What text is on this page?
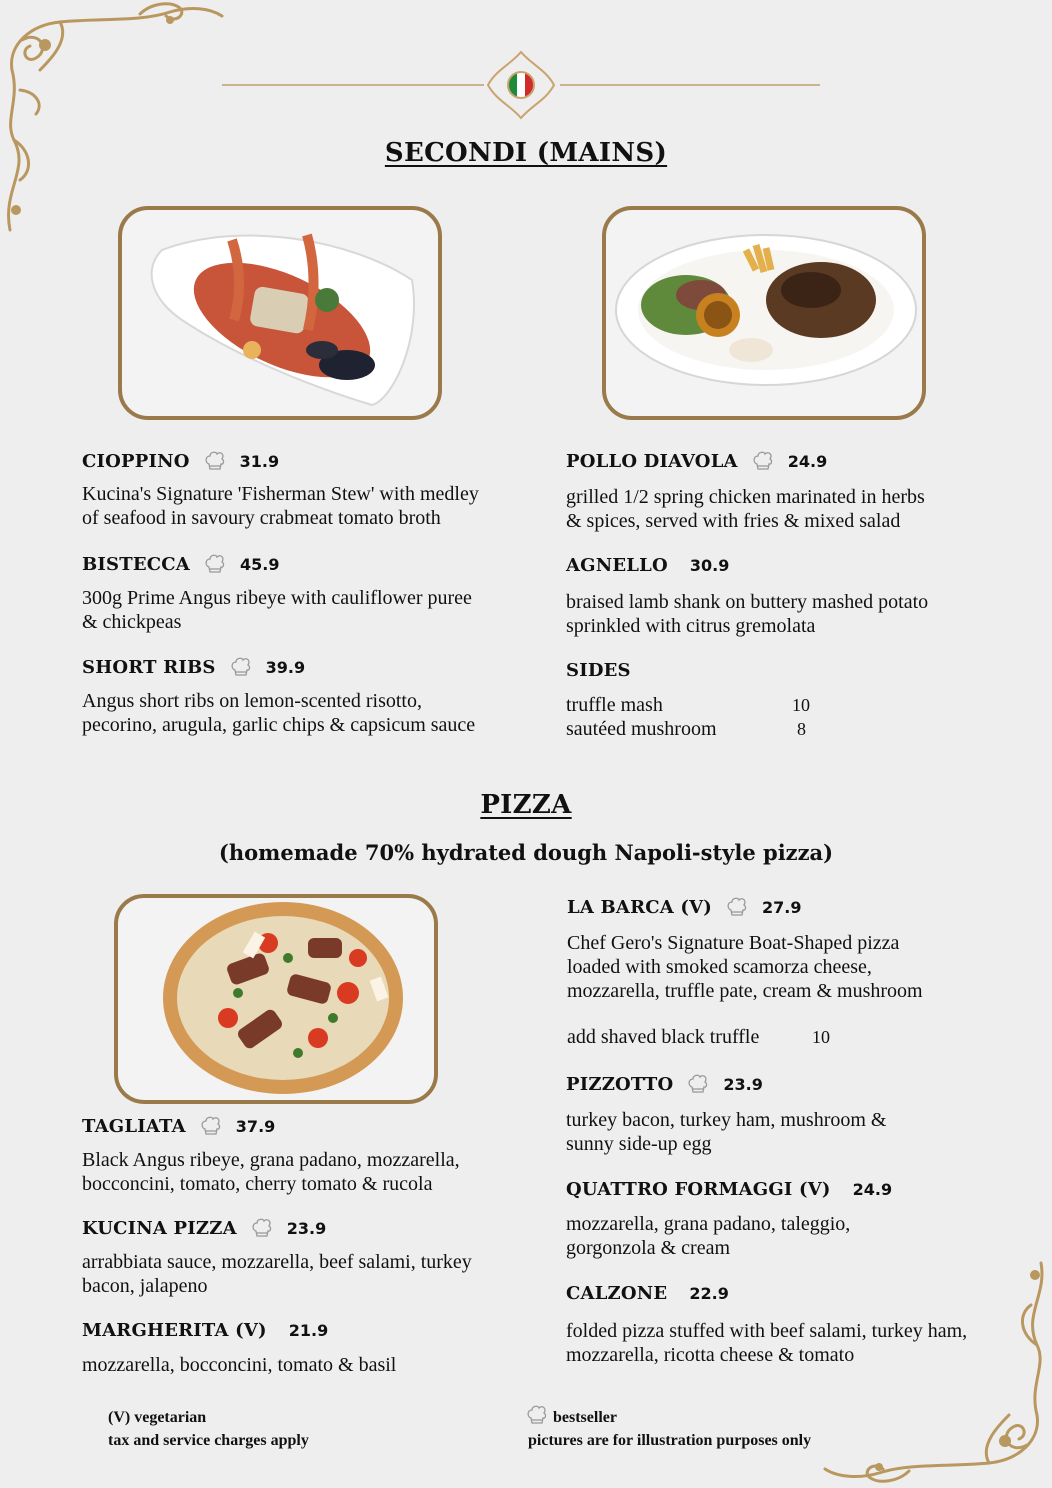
SECONDI (MAINS)
CIOPPINO	31.9
Kucina's Signature 'Fisherman Stew' with medley
of seafood in savoury crabmeat tomato broth
BISTECCA	45.9
300g Prime Angus ribeye with cauliflower puree
& chickpeas
SHORT RIBS	39.9
Angus short ribs on lemon-scented risotto,
pecorino, arugula, garlic chips & capsicum sauce
POLLO DIAVOLA	24.9
grilled 1/2 spring chicken marinated in herbs
& spices, served with fries & mixed salad
AGNELLO 30.9
braised lamb shank on buttery mashed potato
sprinkled with citrus gremolata
SIDES
truffle mash	10
sautéed mushroom	8
PIZZA
(homemade 70% hydrated dough Napoli-style pizza)
TAGLIATA	37.9
Black Angus ribeye, grana padano, mozzarella,
bocconcini, tomato, cherry tomato & rucola
KUCINA PIZZA	23.9
arrabbiata sauce, mozzarella, beef salami, turkey
bacon, jalapeno
MARGHERITA (V) 21.9
mozzarella, bocconcini, tomato & basil
LA BARCA (V)	27.9
Chef Gero's Signature Boat-Shaped pizza
loaded with smoked scamorza cheese,
mozzarella, truffle pate, cream & mushroom
add shaved black truffle	10
PIZZOTTO	23.9
turkey bacon, turkey ham, mushroom &
sunny side-up egg
QUATTRO FORMAGGI (V) 24.9
mozzarella, grana padano, taleggio,
gorgonzola & cream
CALZONE 22.9
folded pizza stuffed with beef salami, turkey ham,
mozzarella, ricotta cheese & tomato
(V) vegetarian
tax and service charges apply
bestseller
pictures are for illustration purposes only
